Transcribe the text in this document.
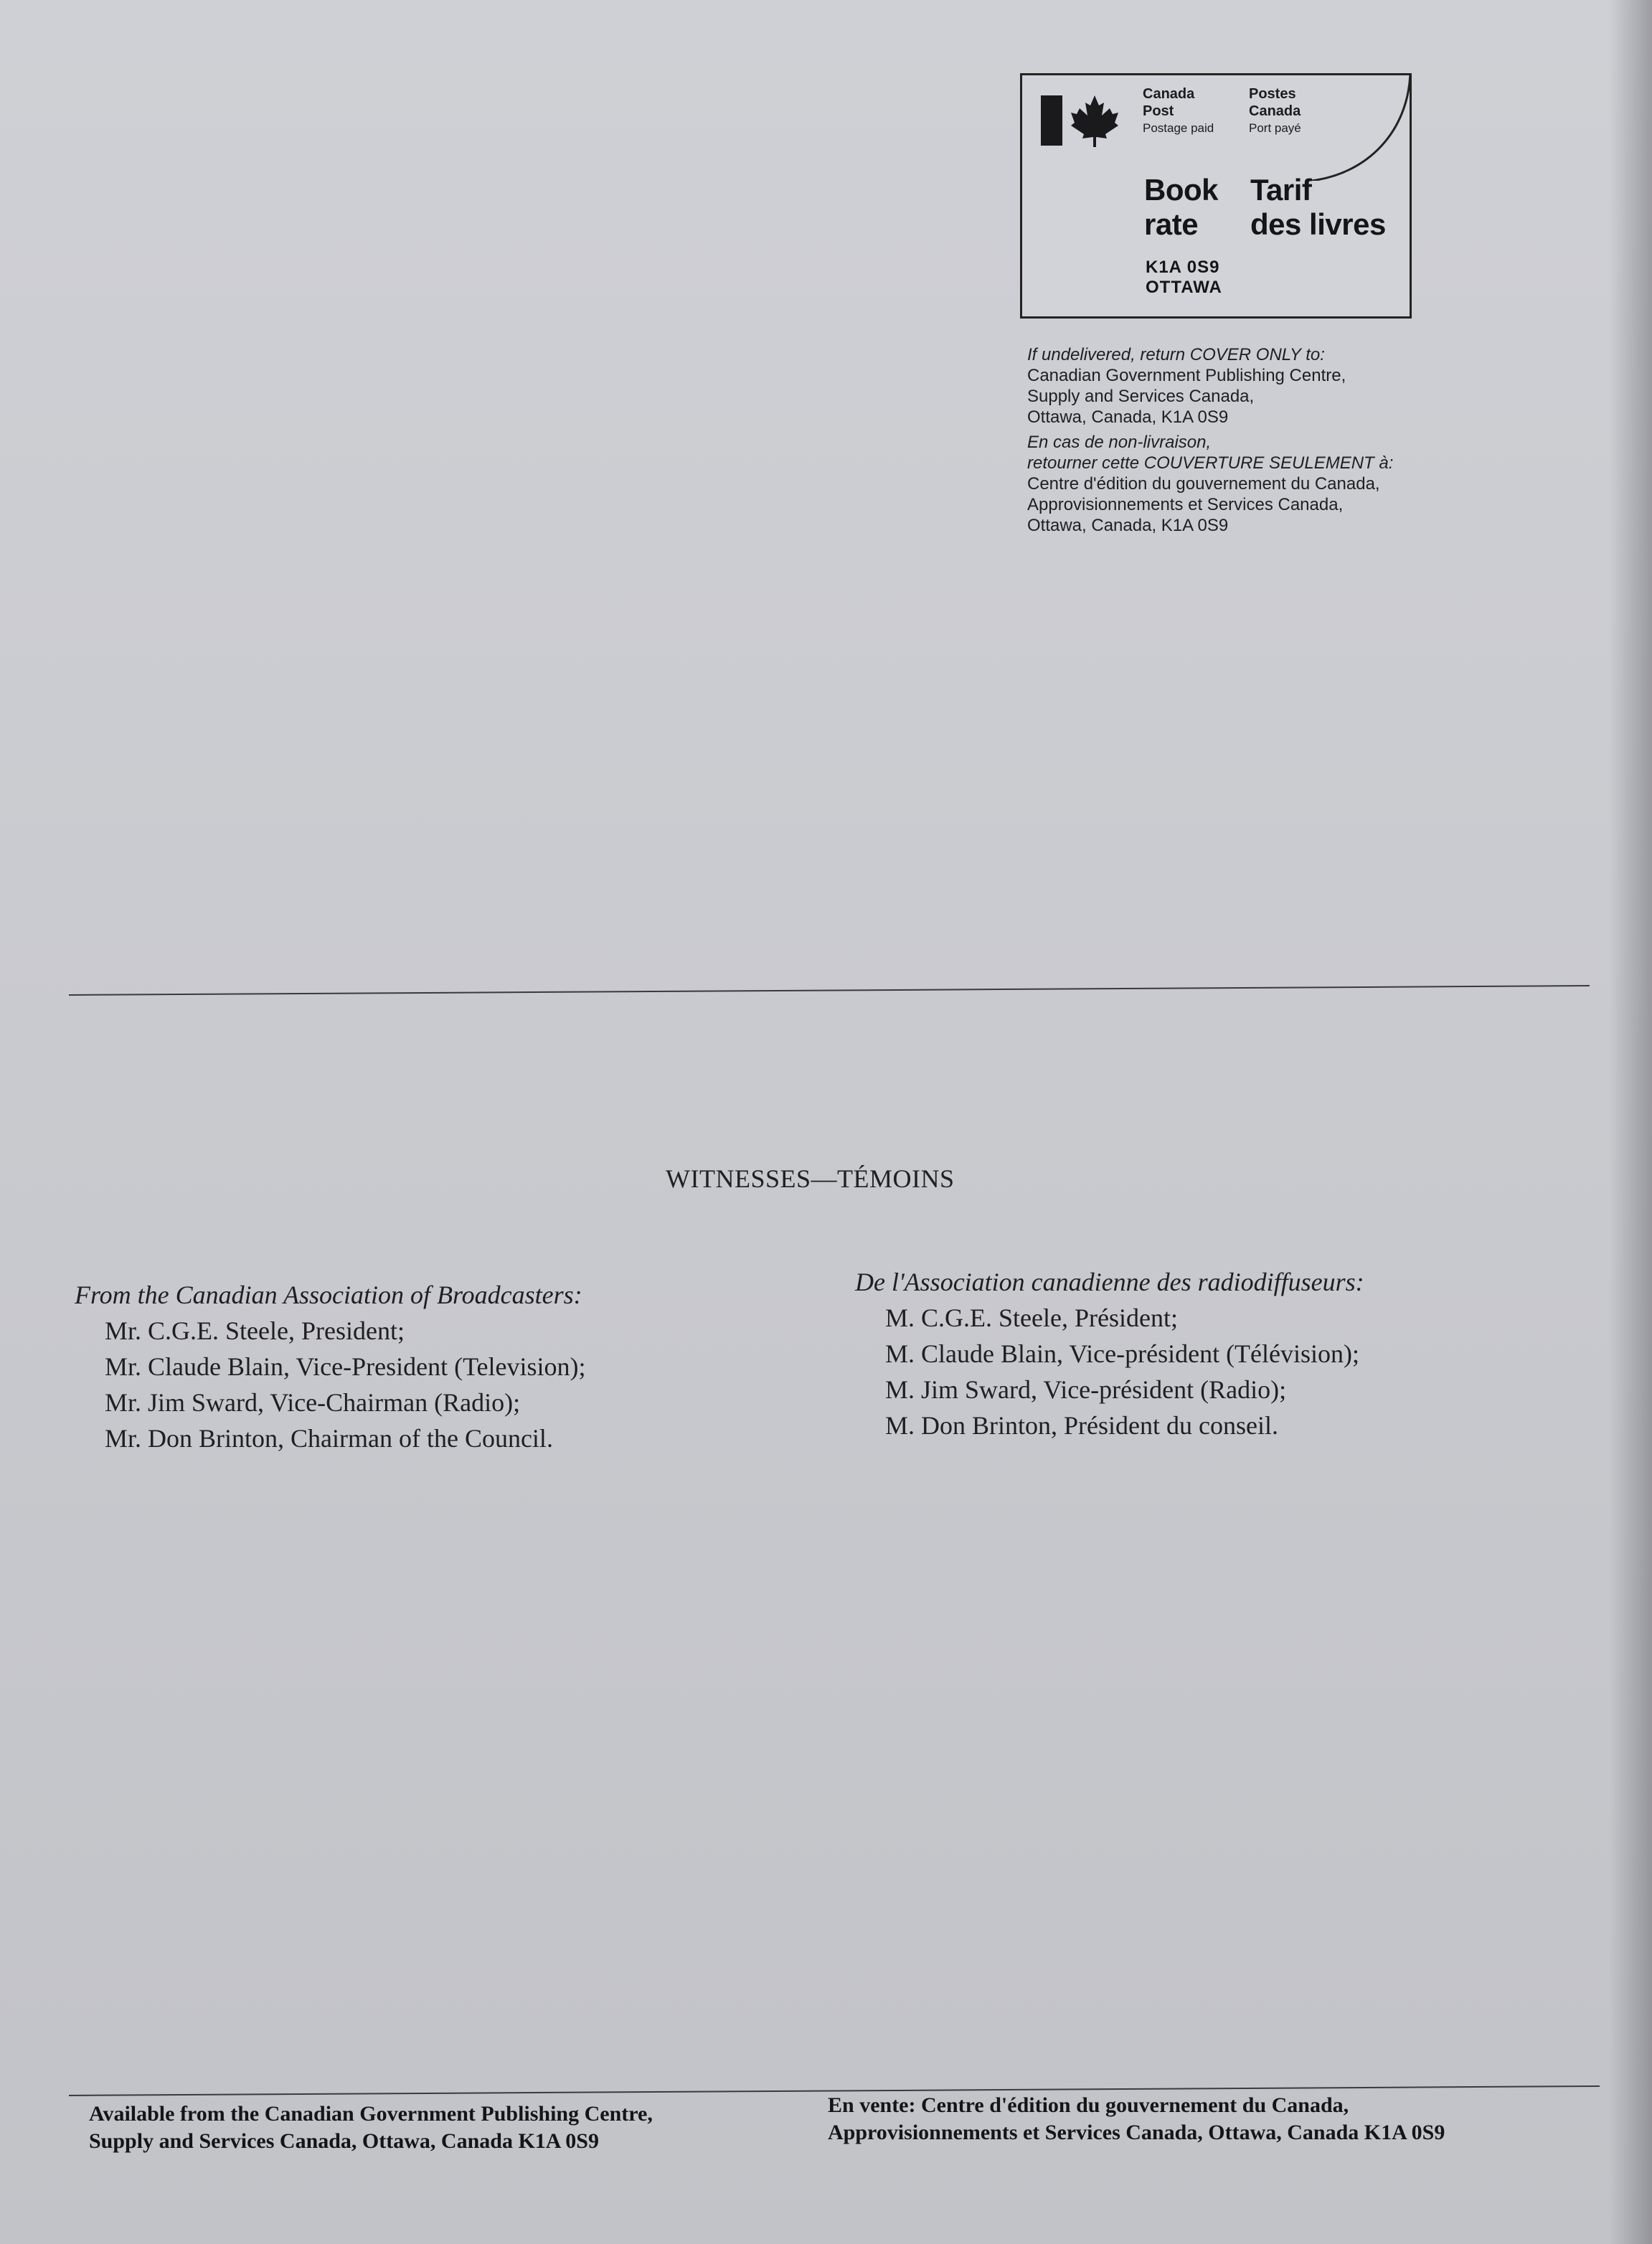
Canada
Post
Postage paid
Postes
Canada
Port payé
Book
rate
Tarif
des livres
K1A 0S9
OTTAWA
If undelivered, return COVER ONLY to:
Canadian Government Publishing Centre,
Supply and Services Canada,
Ottawa, Canada, K1A 0S9
En cas de non-livraison,
retourner cette COUVERTURE SEULEMENT à:
Centre d'édition du gouvernement du Canada,
Approvisionnements et Services Canada,
Ottawa, Canada, K1A 0S9
WITNESSES—TÉMOINS
From the Canadian Association of Broadcasters:
Mr. C.G.E. Steele, President;
Mr. Claude Blain, Vice-President (Television);
Mr. Jim Sward, Vice-Chairman (Radio);
Mr. Don Brinton, Chairman of the Council.
De l'Association canadienne des radiodiffuseurs:
M. C.G.E. Steele, Président;
M. Claude Blain, Vice-président (Télévision);
M. Jim Sward, Vice-président (Radio);
M. Don Brinton, Président du conseil.
Available from the Canadian Government Publishing Centre,
Supply and Services Canada, Ottawa, Canada K1A 0S9
En vente: Centre d'édition du gouvernement du Canada,
Approvisionnements et Services Canada, Ottawa, Canada K1A 0S9
